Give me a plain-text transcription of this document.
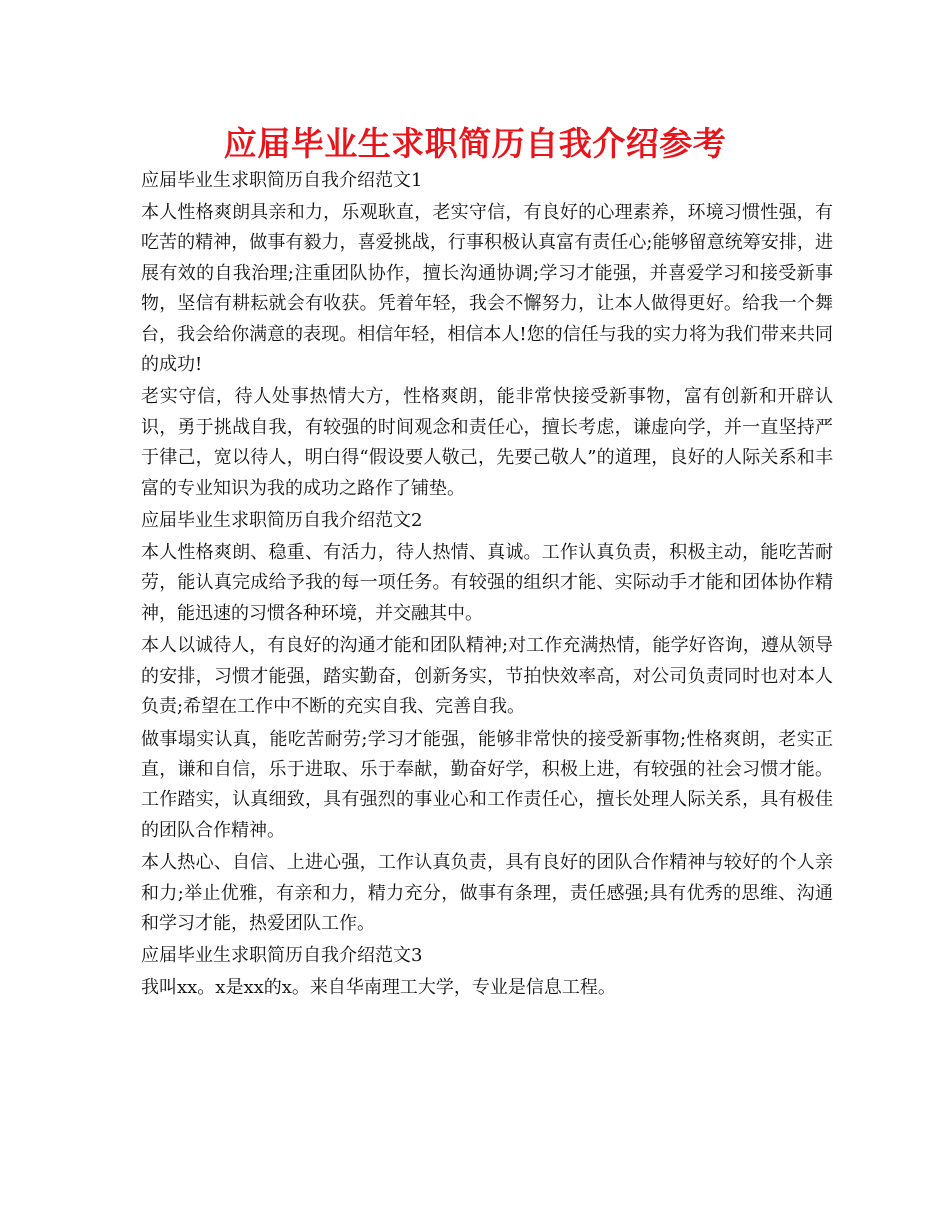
应届毕业生求职简历自我介绍参考

应届毕业生求职简历自我介绍范文1

本人性格爽朗具亲和力，乐观耿直，老实守信，有良好的心理素养，环境习惯性强，有吃苦的精神，做事有毅力，喜爱挑战，行事积极认真富有责任心;能够留意统筹安排，进展有效的自我治理;注重团队协作，擅长沟通协调;学习才能强，并喜爱学习和接受新事物，坚信有耕耘就会有收获。凭着年轻，我会不懈努力，让本人做得更好。给我一个舞台，我会给你满意的表现。相信年轻，相信本人!您的信任与我的实力将为我们带来共同的成功!

老实守信，待人处事热情大方，性格爽朗，能非常快接受新事物，富有创新和开辟认识，勇于挑战自我，有较强的时间观念和责任心，擅长考虑，谦虚向学，并一直坚持严于律己，宽以待人，明白得“假设要人敬己，先要己敬人”的道理，良好的人际关系和丰富的专业知识为我的成功之路作了铺垫。

应届毕业生求职简历自我介绍范文2

本人性格爽朗、稳重、有活力，待人热情、真诚。工作认真负责，积极主动，能吃苦耐劳，能认真完成给予我的每一项任务。有较强的组织才能、实际动手才能和团体协作精神，能迅速的习惯各种环境，并交融其中。

本人以诚待人，有良好的沟通才能和团队精神;对工作充满热情，能学好咨询，遵从领导的安排，习惯才能强，踏实勤奋，创新务实，节拍快效率高，对公司负责同时也对本人负责;希望在工作中不断的充实自我、完善自我。

做事塌实认真，能吃苦耐劳;学习才能强，能够非常快的接受新事物;性格爽朗，老实正直，谦和自信，乐于进取、乐于奉献，勤奋好学，积极上进，有较强的社会习惯才能。工作踏实，认真细致，具有强烈的事业心和工作责任心，擅长处理人际关系，具有极佳的团队合作精神。

本人热心、自信、上进心强，工作认真负责，具有良好的团队合作精神与较好的个人亲和力;举止优雅，有亲和力，精力充分，做事有条理，责任感强;具有优秀的思维、沟通和学习才能，热爱团队工作。

应届毕业生求职简历自我介绍范文3

我叫xx。x是xx的x。来自华南理工大学，专业是信息工程。
